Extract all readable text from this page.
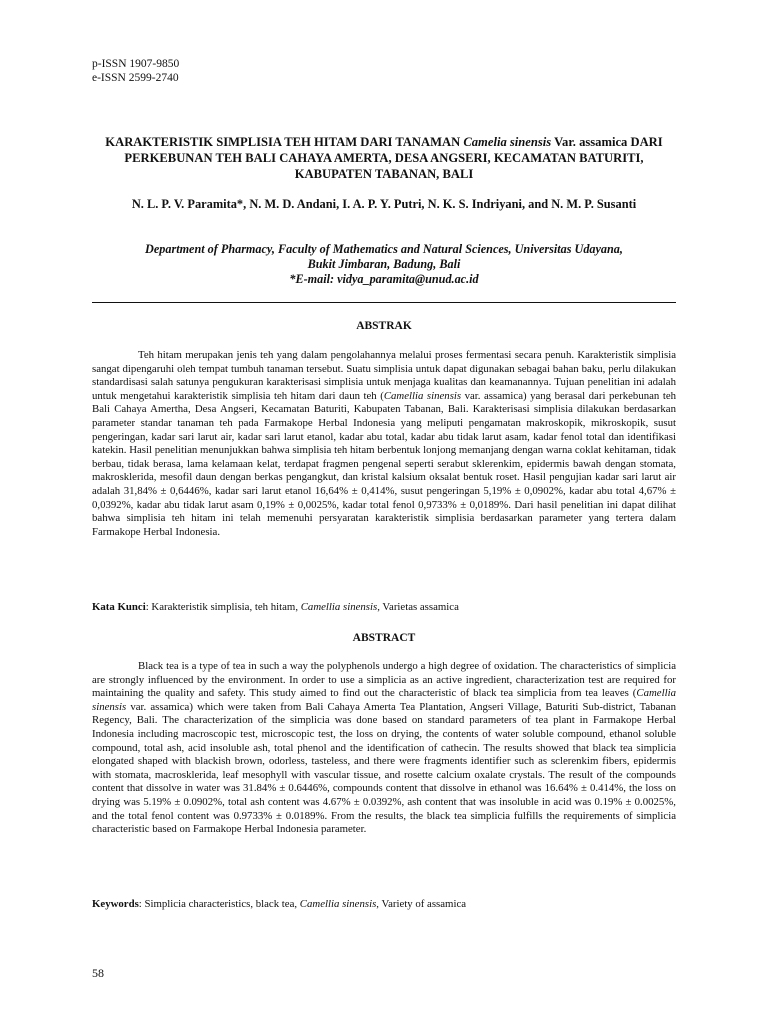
p-ISSN 1907-9850
e-ISSN 2599-2740
KARAKTERISTIK SIMPLISIA TEH HITAM DARI TANAMAN Camelia sinensis Var. assamica DARI PERKEBUNAN TEH BALI CAHAYA AMERTA, DESA ANGSERI, KECAMATAN BATURITI, KABUPATEN TABANAN, BALI
N. L. P. V. Paramita*, N. M. D. Andani, I. A. P. Y. Putri, N. K. S. Indriyani, and N. M. P. Susanti
Department of Pharmacy, Faculty of Mathematics and Natural Sciences, Universitas Udayana,
Bukit Jimbaran, Badung, Bali
*E-mail: vidya_paramita@unud.ac.id
ABSTRAK

Teh hitam merupakan jenis teh yang dalam pengolahannya melalui proses fermentasi secara penuh. Karakteristik simplisia sangat dipengaruhi oleh tempat tumbuh tanaman tersebut. Suatu simplisia untuk dapat digunakan sebagai bahan baku, perlu dilakukan standardisasi salah satunya pengukuran karakterisasi simplisia untuk menjaga kualitas dan keamanannya. Tujuan penelitian ini adalah untuk mengetahui karakteristik simplisia teh hitam dari daun teh (Camellia sinensis var. assamica) yang berasal dari perkebunan teh Bali Cahaya Amertha, Desa Angseri, Kecamatan Baturiti, Kabupaten Tabanan, Bali. Karakterisasi simplisia dilakukan berdasarkan parameter standar tanaman teh pada Farmakope Herbal Indonesia yang meliputi pengamatan makroskopik, mikroskopik, susut pengeringan, kadar sari larut air, kadar sari larut etanol, kadar abu total, kadar abu tidak larut asam, kadar fenol total dan identifikasi katekin. Hasil penelitian menunjukkan bahwa simplisia teh hitam berbentuk lonjong memanjang dengan warna coklat kehitaman, tidak berbau, tidak berasa, lama kelamaan kelat, terdapat fragmen pengenal seperti serabut sklerenkim, epidermis bawah dengan stomata, makrosklerida, mesofil daun dengan berkas pengangkut, dan kristal kalsium oksalat bentuk roset. Hasil pengujian kadar sari larut air adalah 31,84% ± 0,6446%, kadar sari larut etanol 16,64% ± 0,414%, susut pengeringan 5,19% ± 0,0902%, kadar abu total 4,67% ± 0,0392%, kadar abu tidak larut asam 0,19% ± 0,0025%, kadar total fenol 0,9733% ± 0,0189%. Dari hasil penelitian ini dapat dilihat bahwa simplisia teh hitam ini telah memenuhi persyaratan karakteristik simplisia berdasarkan parameter yang tertera dalam Farmakope Herbal Indonesia.

Kata Kunci: Karakteristik simplisia, teh hitam, Camellia sinensis, Varietas assamica
ABSTRACT

Black tea is a type of tea in such a way the polyphenols undergo a high degree of oxidation. The characteristics of simplicia are strongly influenced by the environment. In order to use a simplicia as an active ingredient, characterization test are required for maintaining the quality and safety. This study aimed to find out the characteristic of black tea simplicia from tea leaves (Camellia sinensis var. assamica) which were taken from Bali Cahaya Amerta Tea Plantation, Angseri Village, Baturiti Sub-district, Tabanan Regency, Bali. The characterization of the simplicia was done based on standard parameters of tea plant in Farmakope Herbal Indonesia including macroscopic test, microscopic test, the loss on drying, the contents of water soluble compound, ethanol soluble compound, total ash, acid insoluble ash, total phenol and the identification of cathecin. The results showed that black tea simplicia elongated shaped with blackish brown, odorless, tasteless, and there were fragments identifier such as sclerenkim fibers, epidermis with stomata, macrosklerida, leaf mesophyll with vascular tissue, and rosette calcium oxalate crystals. The result of the compounds content that dissolve in water was 31.84% ± 0.6446%, compounds content that dissolve in ethanol was 16.64% ± 0.414%, the loss on drying was 5.19% ± 0.0902%, total ash content was 4.67% ± 0.0392%, ash content that was insoluble in acid was 0.19% ± 0.0025%, and the total fenol content was 0.9733% ± 0.0189%. From the results, the black tea simplicia fulfills the requirements of simplicia characteristic based on Farmakope Herbal Indonesia parameter.

Keywords: Simplicia characteristics, black tea, Camellia sinensis, Variety of assamica
58
